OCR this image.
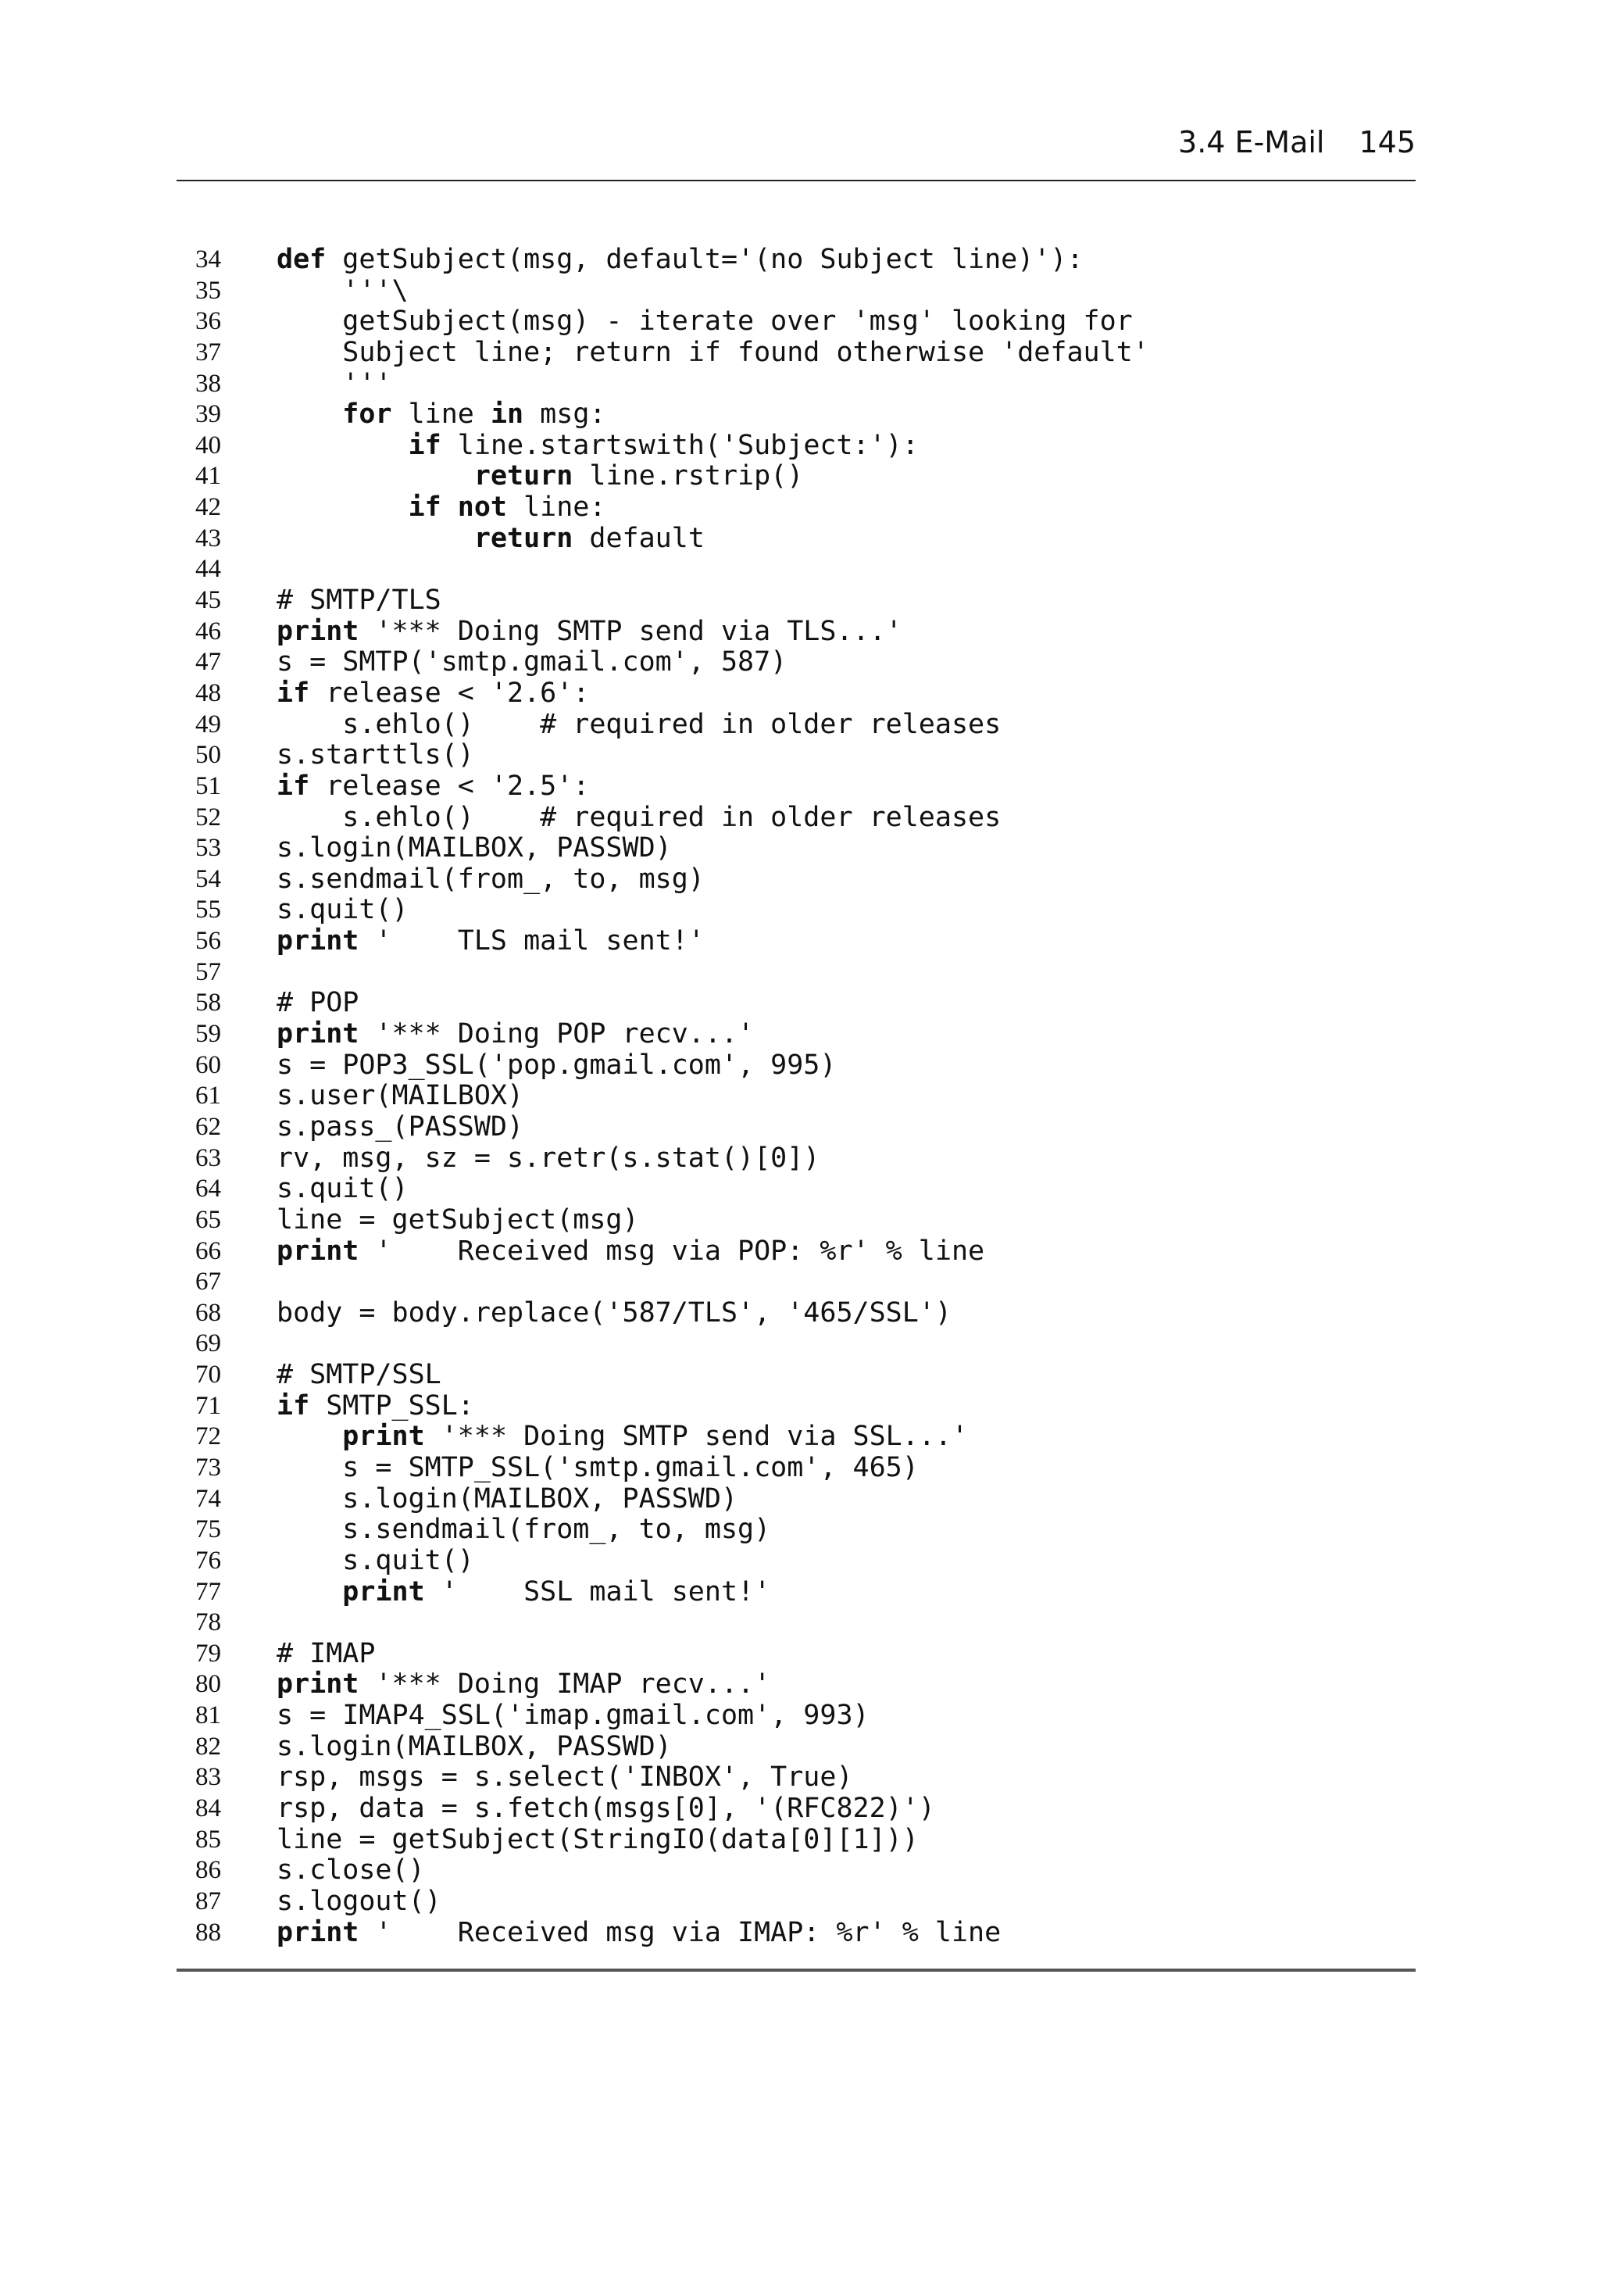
3.4 E-Mail 145
34 def getSubject(msg, default='(no Subject line)'):
35    '''\
36    getSubject(msg) - iterate over 'msg' looking for
37    Subject line; return if found otherwise 'default'
38    '''
39	for line in msg:
40	if line.startswith('Subject:'):
41	return line.rstrip()
42	if not line:
43	return default
44
45 # SMTP/TLS
46 print '*** Doing SMTP send via TLS...'
47 s = SMTP('smtp.gmail.com', 587)
48 if release < '2.6':
49    s.ehlo()    # required in older releases
50 s.starttls()
51 if release < '2.5':
52    s.ehlo()    # required in older releases
53 s.login(MAILBOX, PASSWD)
54 s.sendmail(from_, to, msg)
55 s.quit()
56 print '    TLS mail sent!'
57
58 # POP
59 print '*** Doing POP recv...'
60 s = POP3_SSL('pop.gmail.com', 995)
61 s.user(MAILBOX)
62 s.pass_(PASSWD)
63 rv, msg, sz = s.retr(s.stat()[0])
64 s.quit()
65 line = getSubject(msg)
66 print '    Received msg via POP: %r' % line
67
68 body = body.replace('587/TLS', '465/SSL')
69
70 # SMTP/SSL
71 if SMTP_SSL:
72	print '*** Doing SMTP send via SSL...'
73    s = SMTP_SSL('smtp.gmail.com', 465)
74    s.login(MAILBOX, PASSWD)
75    s.sendmail(from_, to, msg)
76    s.quit()
77	print '    SSL mail sent!'
78
79 # IMAP
80 print '*** Doing IMAP recv...'
81 s = IMAP4_SSL('imap.gmail.com', 993)
82 s.login(MAILBOX, PASSWD)
83 rsp, msgs = s.select('INBOX', True)
84 rsp, data = s.fetch(msgs[0], '(RFC822)')
85 line = getSubject(StringIO(data[0][1]))
86 s.close()
87 s.logout()
88 print '    Received msg via IMAP: %r' % line
